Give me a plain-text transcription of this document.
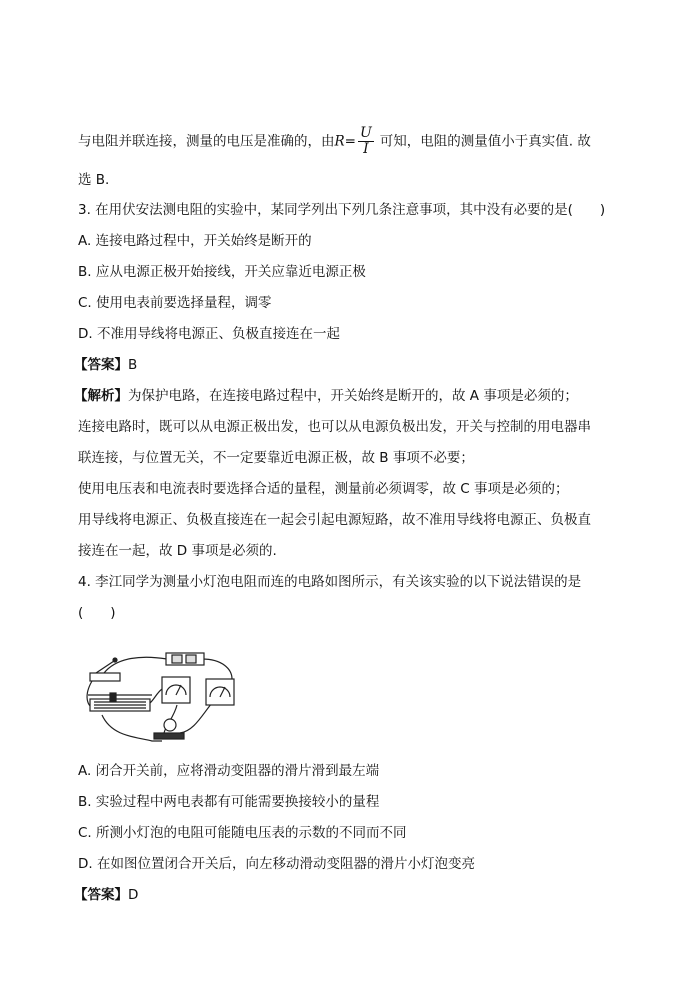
与电阻并联连接，测量的电压是准确的，由$R= \frac{U}{I}$ 可知，电阻的测量值小于真实值. 故
选 B.
3. 在用伏安法测电阻的实验中，某同学列出下列几条注意事项，其中没有必要的是(　　)
A. 连接电路过程中，开关始终是断开的
B. 应从电源正极开始接线，开关应靠近电源正极
C. 使用电表前要选择量程，调零
D. 不准用导线将电源正、负极直接连在一起
【答案】B
【解析】为保护电路，在连接电路过程中，开关始终是断开的，故 A 事项是必须的；
连接电路时，既可以从电源正极出发，也可以从电源负极出发，开关与控制的用电器串
联连接，与位置无关，不一定要靠近电源正极，故 B 事项不必要；
使用电压表和电流表时要选择合适的量程，测量前必须调零，故 C 事项是必须的；
用导线将电源正、负极直接连在一起会引起电源短路，故不准用导线将电源正、负极直
接连在一起，故 D 事项是必须的.
4. 李江同学为测量小灯泡电阻而连的电路如图所示，有关该实验的以下说法错误的是
(　　)
A. 闭合开关前，应将滑动变阻器的滑片滑到最左端
B. 实验过程中两电表都有可能需要换接较小的量程
C. 所测小灯泡的电阻可能随电压表的示数的不同而不同
D. 在如图位置闭合开关后，向左移动滑动变阻器的滑片小灯泡变亮
【答案】D
